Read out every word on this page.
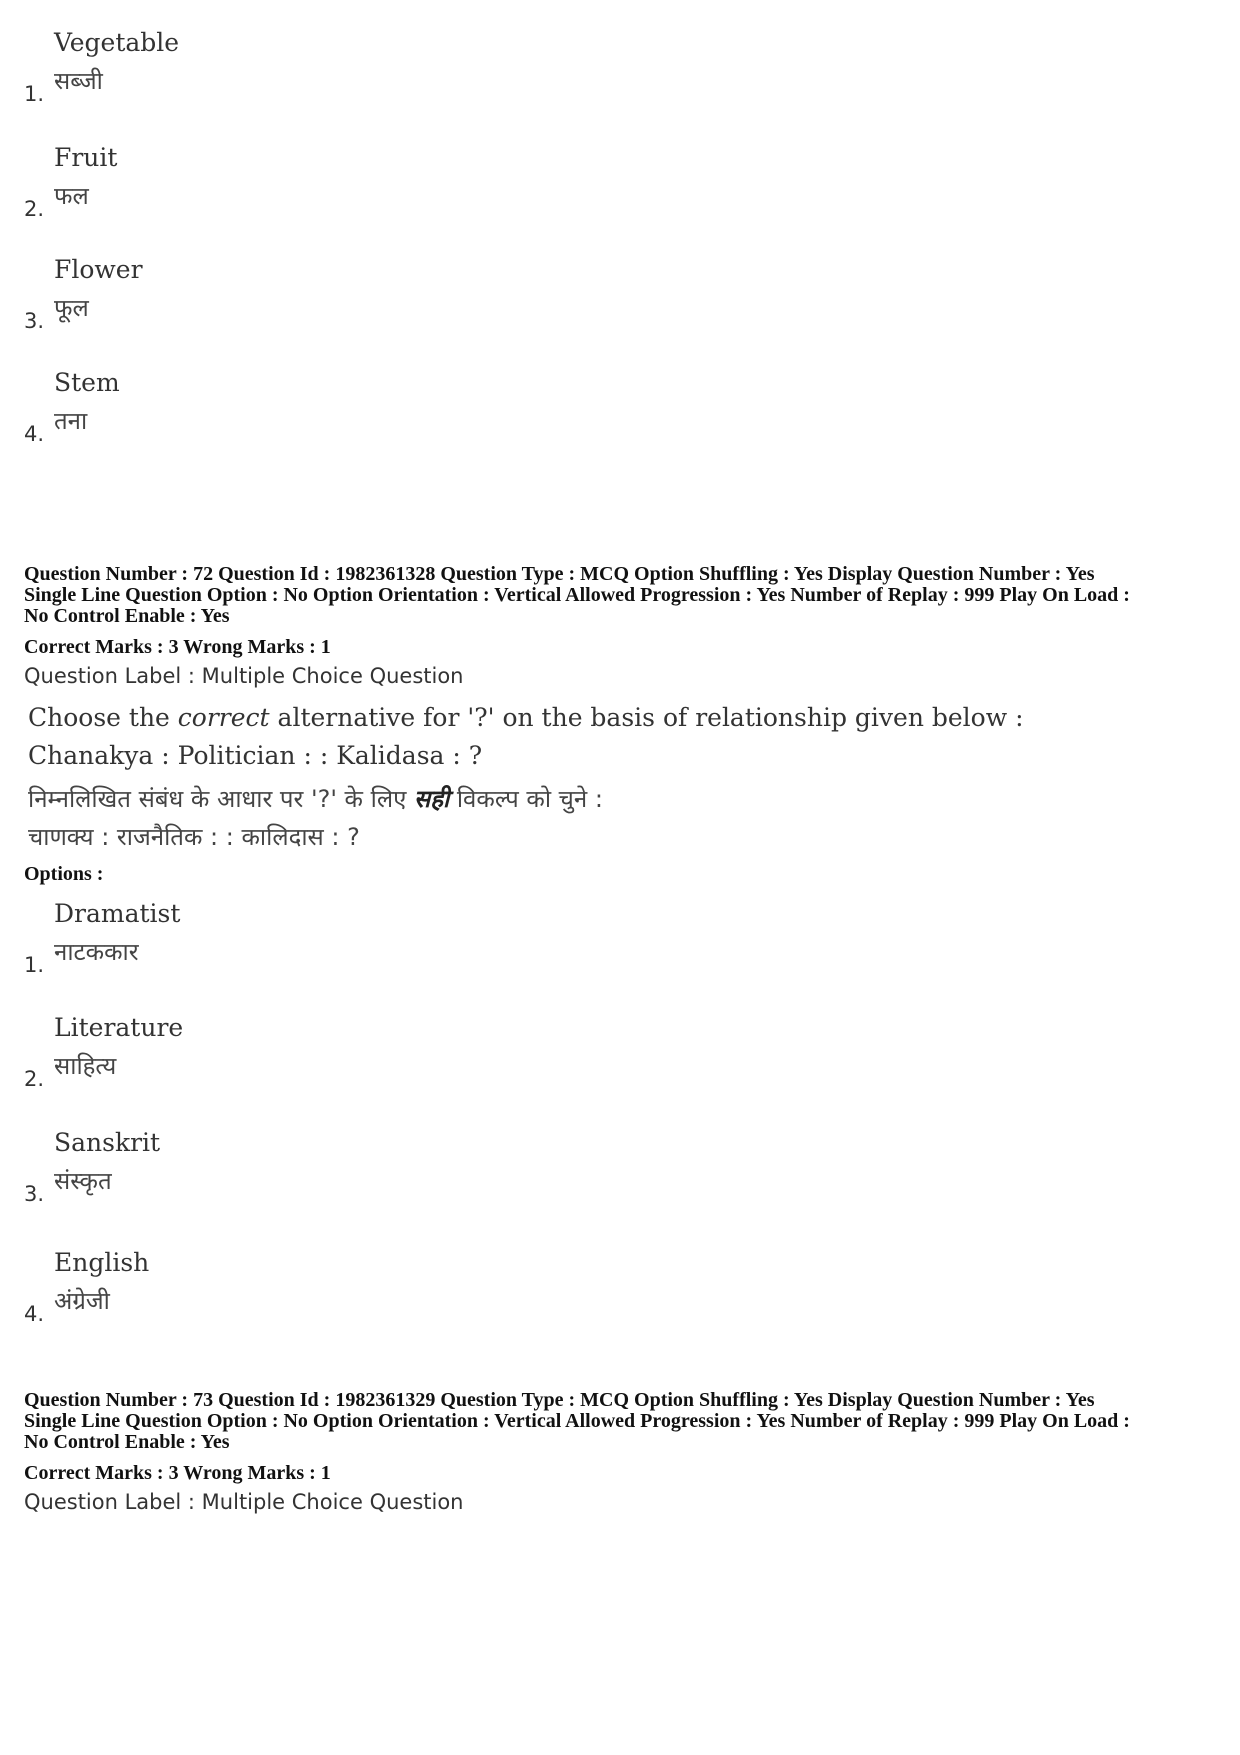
Vegetable
सब्जी
1.
Fruit
फल
2.
Flower
फूल
3.
Stem
तना
4.
Question Number : 72 Question Id : 1982361328 Question Type : MCQ Option Shuffling : Yes Display Question Number : Yes
Single Line Question Option : No Option Orientation : Vertical Allowed Progression : Yes Number of Replay : 999 Play On Load :
No Control Enable : Yes
Correct Marks : 3 Wrong Marks : 1
Question Label : Multiple Choice Question
Choose the correct alternative for '?' on the basis of relationship given below :
Chanakya : Politician : : Kalidasa : ?
निम्नलिखित संबंध के आधार पर '?' के लिए सही विकल्प को चुने :
चाणक्य : राजनैतिक : : कालिदास : ?
Options :
Dramatist
नाटककार
1.
Literature
साहित्य
2.
Sanskrit
संस्कृत
3.
English
अंग्रेजी
4.
Question Number : 73 Question Id : 1982361329 Question Type : MCQ Option Shuffling : Yes Display Question Number : Yes
Single Line Question Option : No Option Orientation : Vertical Allowed Progression : Yes Number of Replay : 999 Play On Load :
No Control Enable : Yes
Correct Marks : 3 Wrong Marks : 1
Question Label : Multiple Choice Question
